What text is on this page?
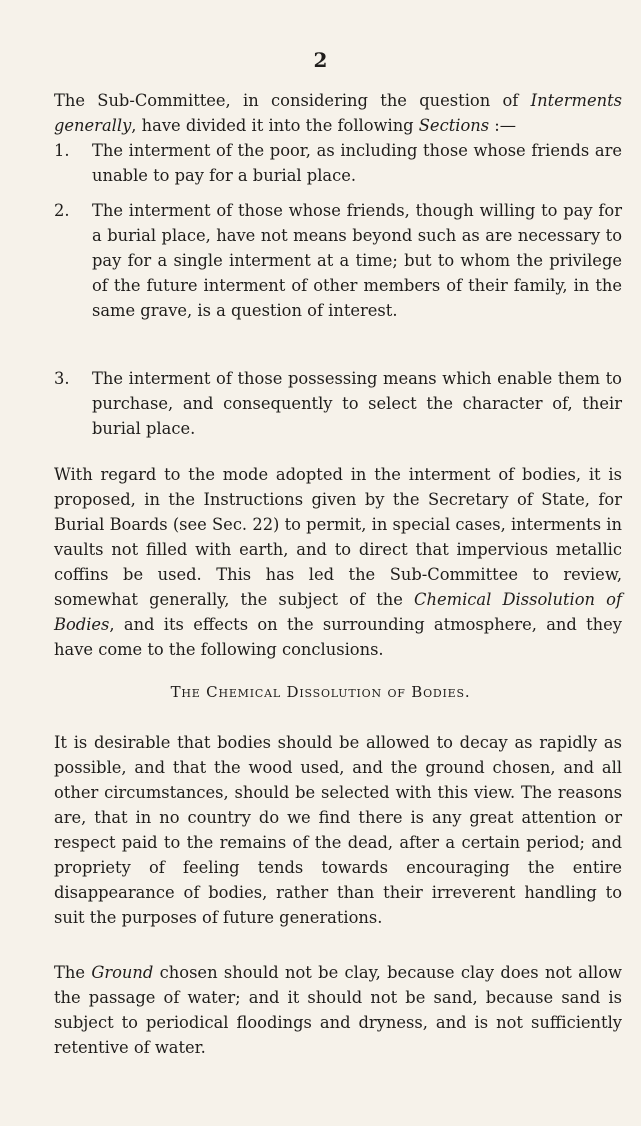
2
The Sub-Committee, in considering the question of Interments generally, have divided it into the following Sections :—
1.	The interment of the poor, as including those whose friends are unable to pay for a burial place.
2.	The interment of those whose friends, though willing to pay for a burial place, have not means beyond such as are necessary to pay for a single interment at a time; but to whom the privilege of the future interment of other members of their family, in the same grave, is a question of interest.
3.	The interment of those possessing means which enable them to purchase, and consequently to select the character of, their burial place.
With regard to the mode adopted in the interment of bodies, it is proposed, in the Instructions given by the Secretary of State, for Burial Boards (see Sec. 22) to permit, in special cases, interments in vaults not filled with earth, and to direct that impervious metallic coffins be used. This has led the Sub-Committee to review, somewhat generally, the subject of the Chemical Dissolution of Bodies, and its effects on the surrounding atmosphere, and they have come to the following conclusions.
The Chemical Dissolution of Bodies.
It is desirable that bodies should be allowed to decay as rapidly as possible, and that the wood used, and the ground chosen, and all other circumstances, should be selected with this view. The reasons are, that in no country do we find there is any great attention or respect paid to the remains of the dead, after a certain period; and propriety of feeling tends towards encouraging the entire disappearance of bodies, rather than their irreverent handling to suit the purposes of future generations.
The Ground chosen should not be clay, because clay does not allow the passage of water; and it should not be sand, because sand is subject to periodical floodings and dryness, and is not sufficiently retentive of water.
